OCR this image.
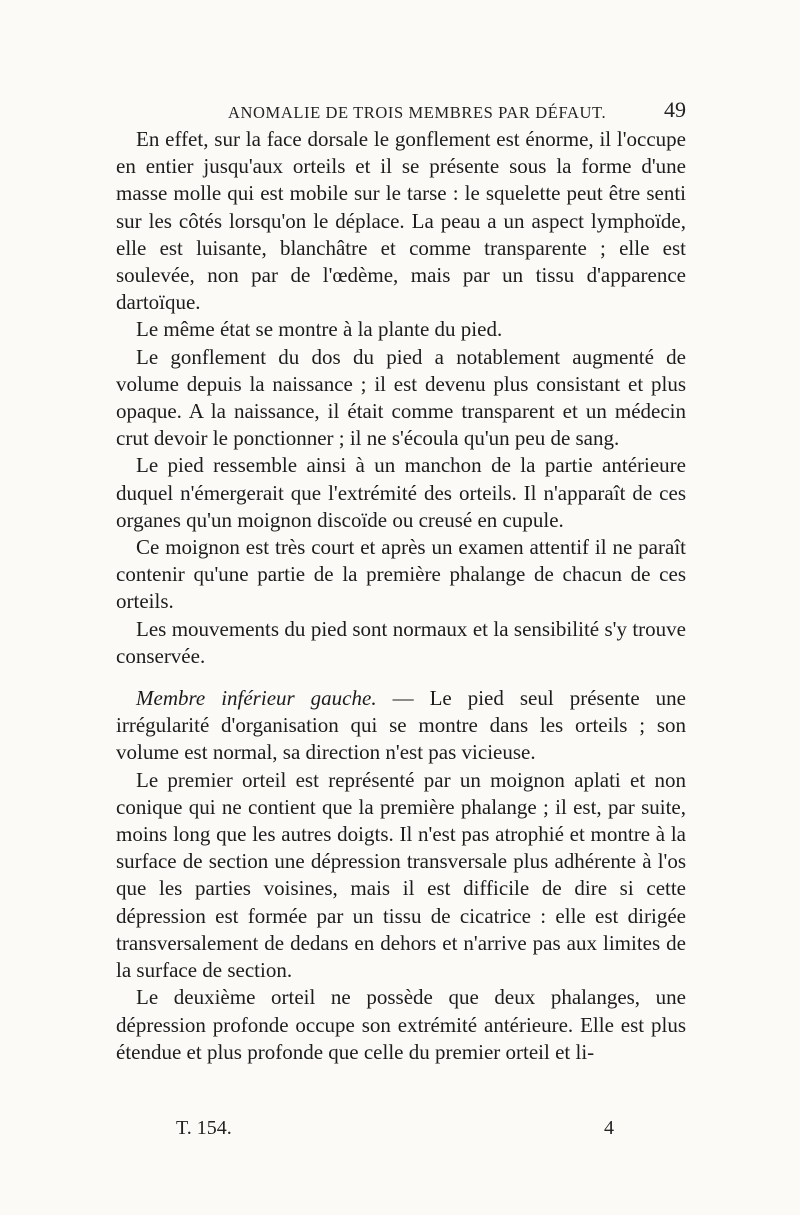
ANOMALIE DE TROIS MEMBRES PAR DÉFAUT.	49

En effet, sur la face dorsale le gonflement est énorme, il l'occupe en entier jusqu'aux orteils et il se présente sous la forme d'une masse molle qui est mobile sur le tarse : le squelette peut être senti sur les côtés lorsqu'on le déplace. La peau a un aspect lymphoïde, elle est luisante, blanchâtre et comme transparente ; elle est soulevée, non par de l'œdème, mais par un tissu d'apparence dartoïque.

Le même état se montre à la plante du pied.

Le gonflement du dos du pied a notablement augmenté de volume depuis la naissance ; il est devenu plus consistant et plus opaque. A la naissance, il était comme transparent et un médecin crut devoir le ponctionner ; il ne s'écoula qu'un peu de sang.

Le pied ressemble ainsi à un manchon de la partie antérieure duquel n'émergerait que l'extrémité des orteils. Il n'apparaît de ces organes qu'un moignon discoïde ou creusé en cupule.

Ce moignon est très court et après un examen attentif il ne paraît contenir qu'une partie de la première phalange de chacun de ces orteils.

Les mouvements du pied sont normaux et la sensibilité s'y trouve conservée.

Membre inférieur gauche. — Le pied seul présente une irrégularité d'organisation qui se montre dans les orteils ; son volume est normal, sa direction n'est pas vicieuse.

Le premier orteil est représenté par un moignon aplati et non conique qui ne contient que la première phalange ; il est, par suite, moins long que les autres doigts. Il n'est pas atrophié et montre à la surface de section une dépression transversale plus adhérente à l'os que les parties voisines, mais il est difficile de dire si cette dépression est formée par un tissu de cicatrice : elle est dirigée transversalement de dedans en dehors et n'arrive pas aux limites de la surface de section.

Le deuxième orteil ne possède que deux phalanges, une dépression profonde occupe son extrémité antérieure. Elle est plus étendue et plus profonde que celle du premier orteil et li-

T. 154.	4
